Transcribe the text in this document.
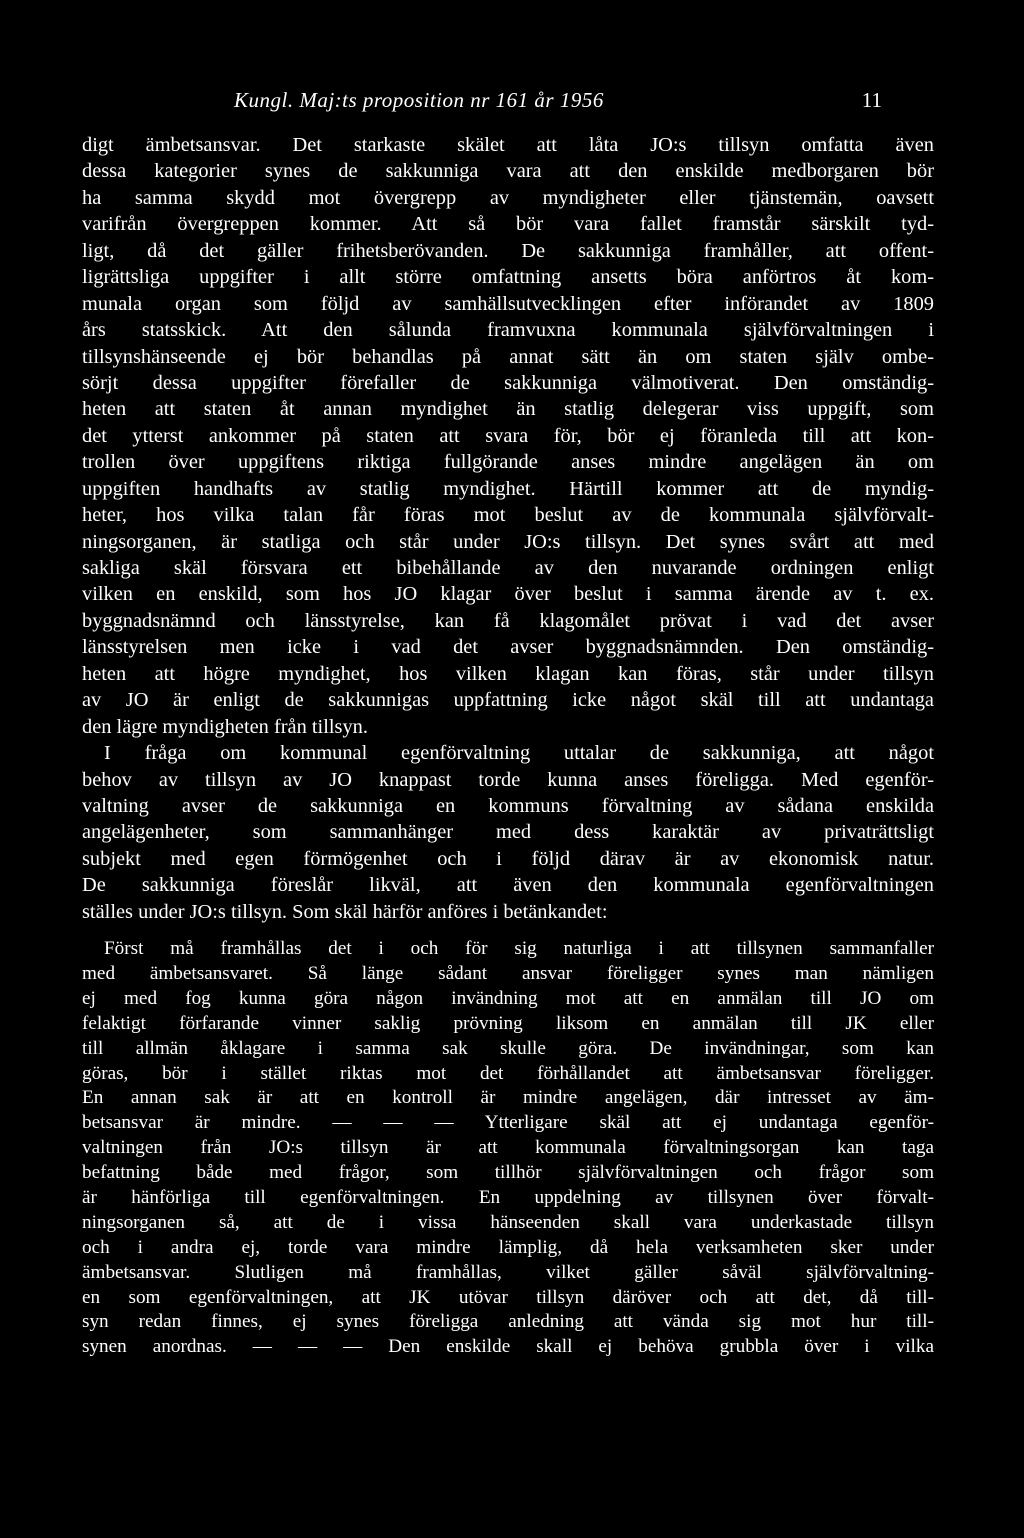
Kungl. Maj:ts proposition nr 161 år 1956	11
digt ämbetsansvar. Det starkaste skälet att låta JO:s tillsyn omfatta även
dessa kategorier synes de sakkunniga vara att den enskilde medborgaren bör
ha samma skydd mot övergrepp av myndigheter eller tjänstemän, oavsett
varifrån övergreppen kommer. Att så bör vara fallet framstår särskilt tyd-
ligt, då det gäller frihetsberövanden. De sakkunniga framhåller, att offent-
ligrättsliga uppgifter i allt större omfattning ansetts böra anförtros åt kom-
munala organ som följd av samhällsutvecklingen efter införandet av 1809
års statsskick. Att den sålunda framvuxna kommunala självförvaltningen i
tillsynshänseende ej bör behandlas på annat sätt än om staten själv ombe-
sörjt dessa uppgifter förefaller de sakkunniga välmotiverat. Den omständig-
heten att staten åt annan myndighet än statlig delegerar viss uppgift, som
det ytterst ankommer på staten att svara för, bör ej föranleda till att kon-
trollen över uppgiftens riktiga fullgörande anses mindre angelägen än om
uppgiften handhafts av statlig myndighet. Härtill kommer att de myndig-
heter, hos vilka talan får föras mot beslut av de kommunala självförvalt-
ningsorganen, är statliga och står under JO:s tillsyn. Det synes svårt att med
sakliga skäl försvara ett bibehållande av den nuvarande ordningen enligt
vilken en enskild, som hos JO klagar över beslut i samma ärende av t. ex.
byggnadsnämnd och länsstyrelse, kan få klagomålet prövat i vad det avser
länsstyrelsen men icke i vad det avser byggnadsnämnden. Den omständig-
heten att högre myndighet, hos vilken klagan kan föras, står under tillsyn
av JO är enligt de sakkunnigas uppfattning icke något skäl till att undantaga
den lägre myndigheten från tillsyn.
I fråga om kommunal egenförvaltning uttalar de sakkunniga, att något
behov av tillsyn av JO knappast torde kunna anses föreligga. Med egenför-
valtning avser de sakkunniga en kommuns förvaltning av sådana enskilda
angelägenheter, som sammanhänger med dess karaktär av privaträttsligt
subjekt med egen förmögenhet och i följd därav är av ekonomisk natur.
De sakkunniga föreslår likväl, att även den kommunala egenförvaltningen
ställes under JO:s tillsyn. Som skäl härför anföres i betänkandet:
Först må framhållas det i och för sig naturliga i att tillsynen sammanfaller
med ämbetsansvaret. Så länge sådant ansvar föreligger synes man nämligen
ej med fog kunna göra någon invändning mot att en anmälan till JO om
felaktigt förfarande vinner saklig prövning liksom en anmälan till JK eller
till allmän åklagare i samma sak skulle göra. De invändningar, som kan
göras, bör i stället riktas mot det förhållandet att ämbetsansvar föreligger.
En annan sak är att en kontroll är mindre angelägen, där intresset av äm-
betsansvar är mindre. — — — Ytterligare skäl att ej undantaga egenför-
valtningen från JO:s tillsyn är att kommunala förvaltningsorgan kan taga
befattning både med frågor, som tillhör självförvaltningen och frågor som
är hänförliga till egenförvaltningen. En uppdelning av tillsynen över förvalt-
ningsorganen så, att de i vissa hänseenden skall vara underkastade tillsyn
och i andra ej, torde vara mindre lämplig, då hela verksamheten sker under
ämbetsansvar. Slutligen må framhållas, vilket gäller såväl självförvaltning-
en som egenförvaltningen, att JK utövar tillsyn däröver och att det, då till-
syn redan finnes, ej synes föreligga anledning att vända sig mot hur till-
synen anordnas. — — — Den enskilde skall ej behöva grubbla över i vilka
